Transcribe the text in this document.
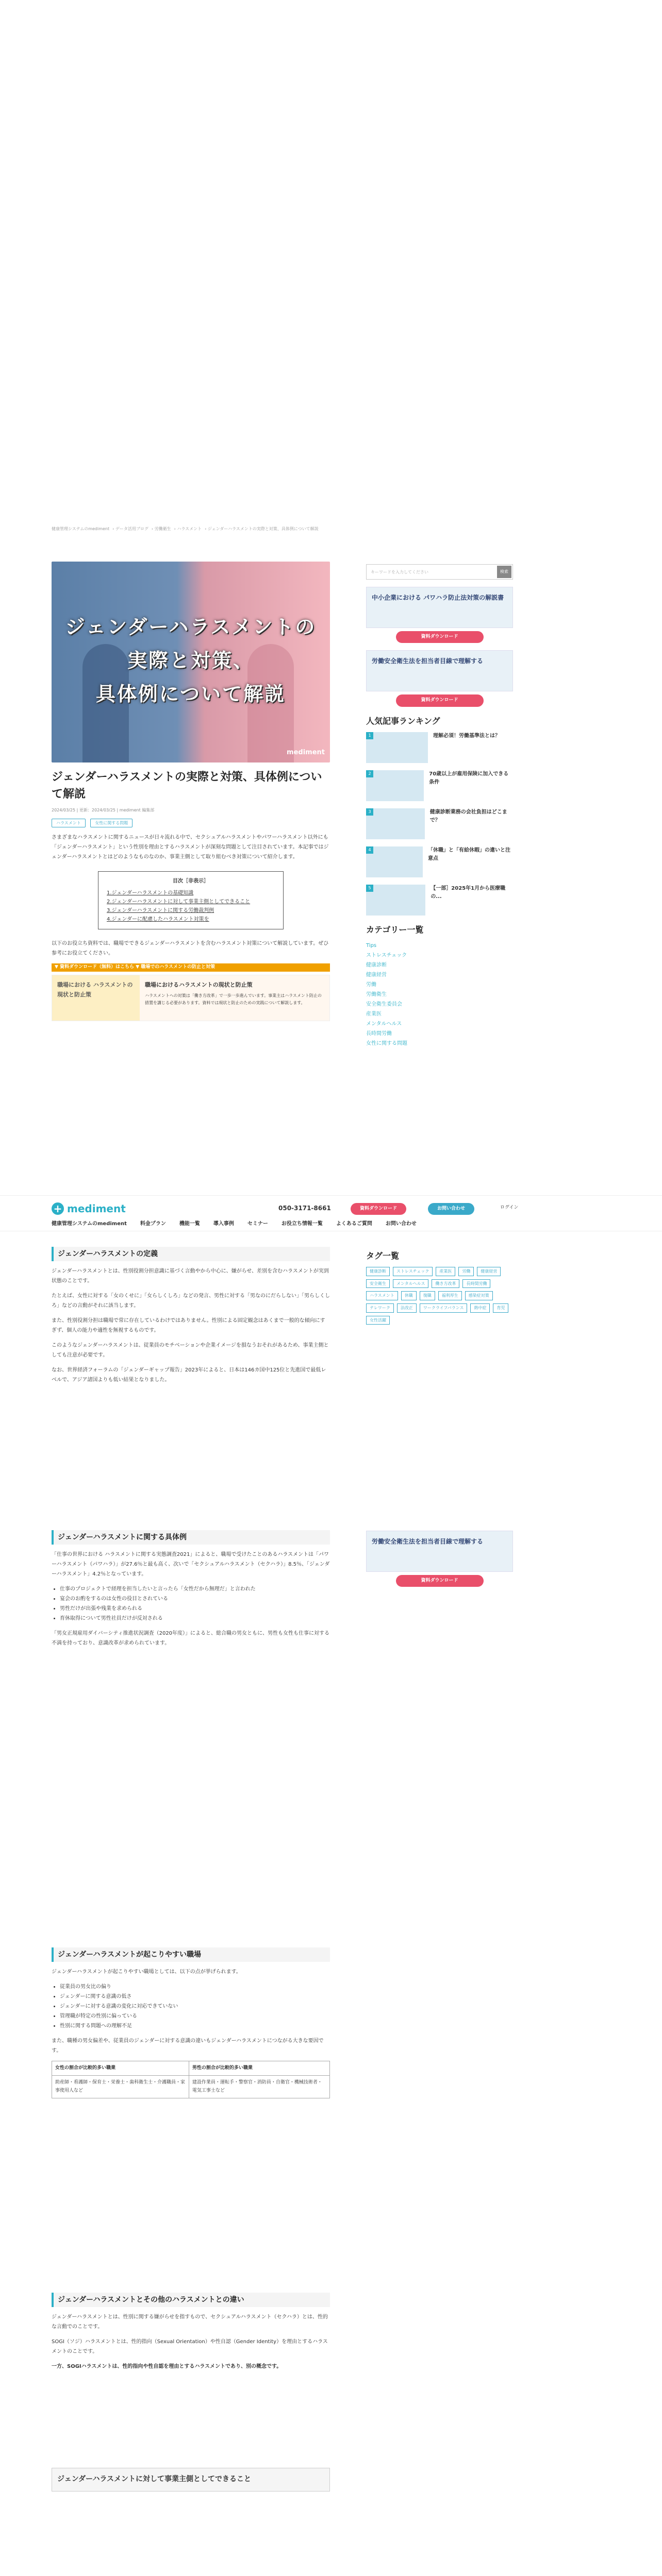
健康管理システムのmediment › データ活用ブログ › 労働衛生 › ハラスメント › ジェンダーハラスメントの実際と対策、具体例について解説
ジェンダーハラスメントの
実際と対策、
具体例について解説
mediment
ジェンダーハラスメントの実際と対策、具体例について解説
2024/03/25 | 更新：2024/03/25 | mediment 編集部
ハラスメント	女性に関する問題

さまざまなハラスメントに関するニュースが日々流れる中で、セクシュアルハラスメントやパワーハラスメント以外にも「ジェンダーハラスメント」という性別を理由とするハラスメントが深刻な問題として注目されています。本記事ではジェンダーハラスメントとはどのようなものなのか、事業主側として取り組むべき対策について紹介します。

目次［非表示］
1.ジェンダーハラスメントの基礎知識
2.ジェンダーハラスメントに対して事業主側としてできること
3.ジェンダーハラスメントに関する労働裁判例
4.ジェンダーに配慮したハラスメント対策を

以下のお役立ち資料では、職場でできるジェンダーハラスメントを含むハラスメント対策について解説しています。ぜひ参考にお役立てください。

▼ 資料ダウンロード（無料）はこちら ▼ 職場でのハラスメントの防止と対策
職場における ハラスメントの現状と防止策
職場におけるハラスメントの現状と防止策
ハラスメントへの対策は「働き方改革」で一歩一歩進んでいます。事業主はハラスメント防止の措置を講じる必要があります。資料では現状と防止のための実践について解説します。
キーワードを入力してください	検索
中小企業における パワハラ防止法対策の解説書
資料ダウンロード
労働安全衛生法を担当者目線で理解する
資料ダウンロード
人気記事ランキング
1	理解必須！労働基準法とは？
2	70歳以上が雇用保険に加入できる条件
3	健康診断業務の会社負担はどこまで？
4	「休職」と「有給休暇」の違いと注意点
5	【一部］2025年1月から医療職の...
カテゴリー一覧
Tips
ストレスチェック
健康診断
健康経営
労働
労働衛生
安全衛生委員会
産業医
メンタルヘルス
長時間労働
女性に関する問題
+ mediment	050-3171-8661	資料ダウンロード	お問い合わせ	ログイン
健康管理システムのmediment	料金プラン	機能一覧	導入事例	セミナー	お役立ち情報一覧	よくあるご質問	お問い合わせ
ジェンダーハラスメントの定義

ジェンダーハラスメントとは、性別役割分担意識に基づく言動やから中心に、嫌がらせ、差別を含むハラスメントが実到状態のことです。

たとえば、女性に対する「女のくせに」「女らしくしろ」などの発言、男性に対する「男なのにだらしない」「男らしくしろ」などの言動がそれに該当します。

また、性別役割分担は職場で常に存在しているわけではありません。性別による固定観念はあくまで一般的な傾向にすぎず、個人の能力や適性を無視するものです。

このようなジェンダーハラスメントは、従業員のモチベーションや企業イメージを損なうおそれがあるため、事業主側としても注意が必要です。

なお、世界経済フォーラムの「ジェンダーギャップ報告」2023年によると、日本は146カ国中125位と先進国で最低レベルで、アジア諸国よりも低い結果となりました。

タグ一覧
健康診断	ストレスチェック	産業医	労働	健康経営
安全衛生	メンタルヘルス	働き方改革	長時間労働
ハラスメント	休職	復職	福利厚生	感染症対策
テレワーク	法改正	ワークライフバランス	熱中症	育児
女性活躍
労働安全衛生法を担当者目線で理解する
資料ダウンロード
ジェンダーハラスメントに関する具体例

「仕事の世界における ハラスメントに関する実態調査2021」によると、職場で受けたことのあるハラスメントは「パワーハラスメント（パワハラ）」が27.6％と最も高く、次いで「セクシュアルハラスメント（セクハラ）」8.5％、「ジェンダーハラスメント」4.2％となっています。

• 仕事のプロジェクトで経理を担当したいと言ったら「女性だから無理だ」と言われた
• 宴会のお酌をするのは女性の役目とされている
• 男性だけが出張や残業を求められる
• 育休取得について男性社員だけが反対される

「男女正規雇用ダイバーシティ推進状況調査（2020年度）」によると、総合職の男女ともに、男性も女性も仕事に対する不満を持っており、意識改革が求められています。

ジェンダーハラスメントが起こりやすい職場

ジェンダーハラスメントが起こりやすい職場としては、以下の点が挙げられます。

• 従業員の男女比の偏り
• ジェンダーに関する意識の低さ
• ジェンダーに対する意識の変化に対応できていない
• 管理職が特定の性別に偏っている
• 性別に関する問題への理解不足

また、職種の男女偏差や、従業員のジェンダーに対する意識の違いもジェンダーハラスメントにつながる大きな要因です。

女性の割合が比較的多い職業	男性の割合が比較的多い職業
助産師・看護師・保育士・栄養士・歯科衛生士・介護職員・家事使用人など	建設作業員・運転手・警察官・消防員・自衛官・機械技術者・電気工事士など
ジェンダーハラスメントとその他のハラスメントとの違い

ジェンダーハラスメントとは、性別に関する嫌がらせを指すもので、セクシュアルハラスメント（セクハラ）とは、性的な言動でのことです。

SOGI（ソジ）ハラスメントとは、性的指向（Sexual Orientation）や性自認（Gender Identity）を理由とするハラスメントのことです。

一方、SOGIハラスメントは、性的指向や性自認を理由とするハラスメントであり、別の概念です。

ジェンダーハラスメントに対して事業主側としてできること
